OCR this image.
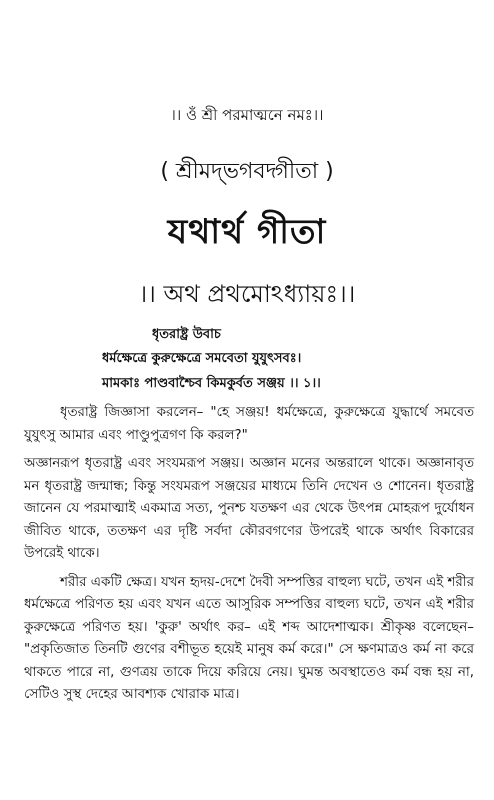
।। ওঁ শ্রী পরমাত্মনে নমঃ।।
( শ্রীমদ্‌ভগবদ্গীতা )
যথার্থ গীতা
।। অথ প্রথমোঽধ্যায়ঃ।।
ধৃতরাষ্ট্র উবাচ
ধর্মক্ষেত্রে কুরুক্ষেত্রে সমবেতা যুযুৎসবঃ।
মামকাঃ পাণ্ডবাশ্চৈব কিমকুর্বত সঞ্জয় ।। ১।।

ধৃতরাষ্ট্র জিজ্ঞাসা করলেন– "হে সঞ্জয়! ধর্মক্ষেত্রে, কুরুক্ষেত্রে যুদ্ধার্থে সমবেত যুযুৎসু আমার এবং পাণ্ডুপুত্রগণ কি করল?"

অজ্ঞানরূপ ধৃতরাষ্ট্র এবং সংযমরূপ সঞ্জয়। অজ্ঞান মনের অন্তরালে থাকে। অজ্ঞানাবৃত মন ধৃতরাষ্ট্র জন্মান্ধ; কিন্তু সংযমরূপ সঞ্জয়ের মাধ্যমে তিনি দেখেন ও শোনেন। ধৃতরাষ্ট্র জানেন যে পরমাত্মাই একমাত্র সত্য, পুনশ্চ যতক্ষণ এর থেকে উৎপন্ন মোহরূপ দুর্যোধন জীবিত থাকে, ততক্ষণ এর দৃষ্টি সর্বদা কৌরবগণের উপরেই থাকে অর্থাৎ বিকারের উপরেই থাকে।

শরীর একটি ক্ষেত্র। যখন হৃদয়-দেশে দৈবী সম্পত্তির বাহুল্য ঘটে, তখন এই শরীর ধর্মক্ষেত্রে পরিণত হয় এবং যখন এতে আসুরিক সম্পত্তির বাহুল্য ঘটে, তখন এই শরীর কুরুক্ষেত্রে পরিণত হয়। 'কুরু' অর্থাৎ কর– এই শব্দ আদেশাত্মক। শ্রীকৃষ্ণ বলেছেন– "প্রকৃতিজাত তিনটি গুণের বশীভূত হয়েই মানুষ কর্ম করে।" সে ক্ষণমাত্রও কর্ম না করে থাকতে পারে না, গুণত্রয় তাকে দিয়ে করিয়ে নেয়। ঘুমন্ত অবস্থাতেও কর্ম বন্ধ হয় না, সেটিও সুস্থ দেহের আবশ্যক খোরাক মাত্র।
